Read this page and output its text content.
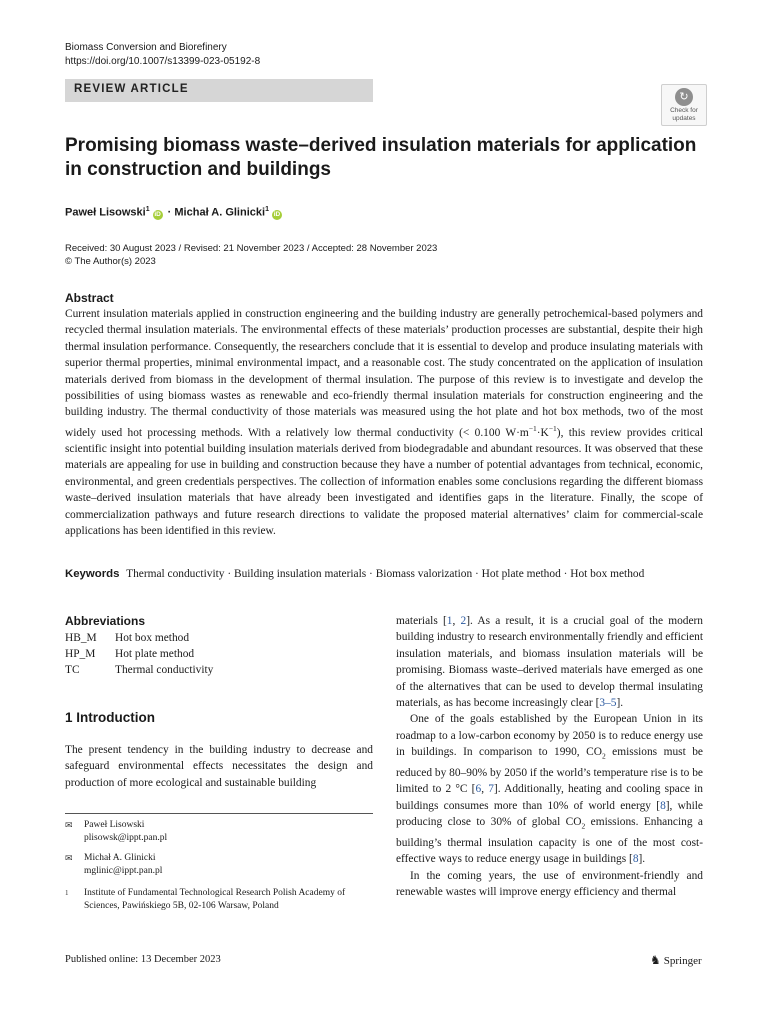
Biomass Conversion and Biorefinery
https://doi.org/10.1007/s13399-023-05192-8
REVIEW ARTICLE
↻
Check for
updates
Promising biomass waste–derived insulation materials for application in construction and buildings
Paweł Lisowski$^1$iD · Michał A. Glinicki$^1$iD
Received: 30 August 2023 / Revised: 21 November 2023 / Accepted: 28 November 2023
© The Author(s) 2023
Abstract
Current insulation materials applied in construction engineering and the building industry are generally petrochemical-based polymers and recycled thermal insulation materials. The environmental effects of these materials’ production processes are substantial, despite their high thermal insulation performance. Consequently, the researchers conclude that it is essential to develop and produce insulating materials with superior thermal properties, minimal environmental impact, and a reasonable cost. The study concentrated on the application of insulation materials derived from biomass in the development of thermal insulation. The purpose of this review is to investigate and develop the possibilities of using biomass wastes as renewable and eco-friendly thermal insulation materials for construction engineering and the building industry. The thermal conductivity of those materials was measured using the hot plate and hot box methods, two of the most widely used hot processing methods. With a relatively low thermal conductivity (< 0.100 $W\cdot m^{-1}\cdot K^{-1}$), this review provides critical scientific insight into potential building insulation materials derived from biodegradable and abundant resources. It was observed that these materials are appealing for use in building and construction because they have a number of potential advantages from technical, economic, environmental, and green credentials perspectives. The collection of information enables some conclusions regarding the different biomass waste–derived insulation materials that have already been investigated and identifies gaps in the literature. Finally, the scope of commercialization pathways and future research directions to validate the proposed material alternatives’ claim for commercial-scale applications has been identified in this review.
Keywords Thermal conductivity · Building insulation materials · Biomass valorization · Hot plate method · Hot box method
Abbreviations
HB_M Hot box method
HP_M Hot plate method
TC	Thermal conductivity
1 Introduction
The present tendency in the building industry to decrease and safeguard environmental effects necessitates the design and production of more ecological and sustainable building
✉ Paweł Lisowski
plisowsk@ippt.pan.pl
✉ Michał A. Glinicki
mglinic@ippt.pan.pl
1 Institute of Fundamental Technological Research Polish Academy of Sciences, Pawińskiego 5B, 02-106 Warsaw, Poland

materials [1, 2]. As a result, it is a crucial goal of the modern building industry to research environmentally friendly and efficient insulation materials, and biomass insulation materials will be promising. Biomass waste–derived materials have emerged as one of the alternatives that can be used to develop thermal insulating materials, as has become increasingly clear [3–5].

One of the goals established by the European Union in its roadmap to a low-carbon economy by 2050 is to reduce energy use in buildings. In comparison to 1990, $CO_2$ emissions must be reduced by 80–90% by 2050 if the world’s temperature rise is to be limited to 2 °C [6, 7]. Additionally, heating and cooling space in buildings consumes more than 10% of world energy [8], while producing close to 30% of global $CO_2$ emissions. Enhancing a building’s thermal insulation capacity is one of the most cost-effective ways to reduce energy usage in buildings [8].

In the coming years, the use of environment-friendly and renewable wastes will improve energy efficiency and thermal

Published online: 13 December 2023	♞ Springer
